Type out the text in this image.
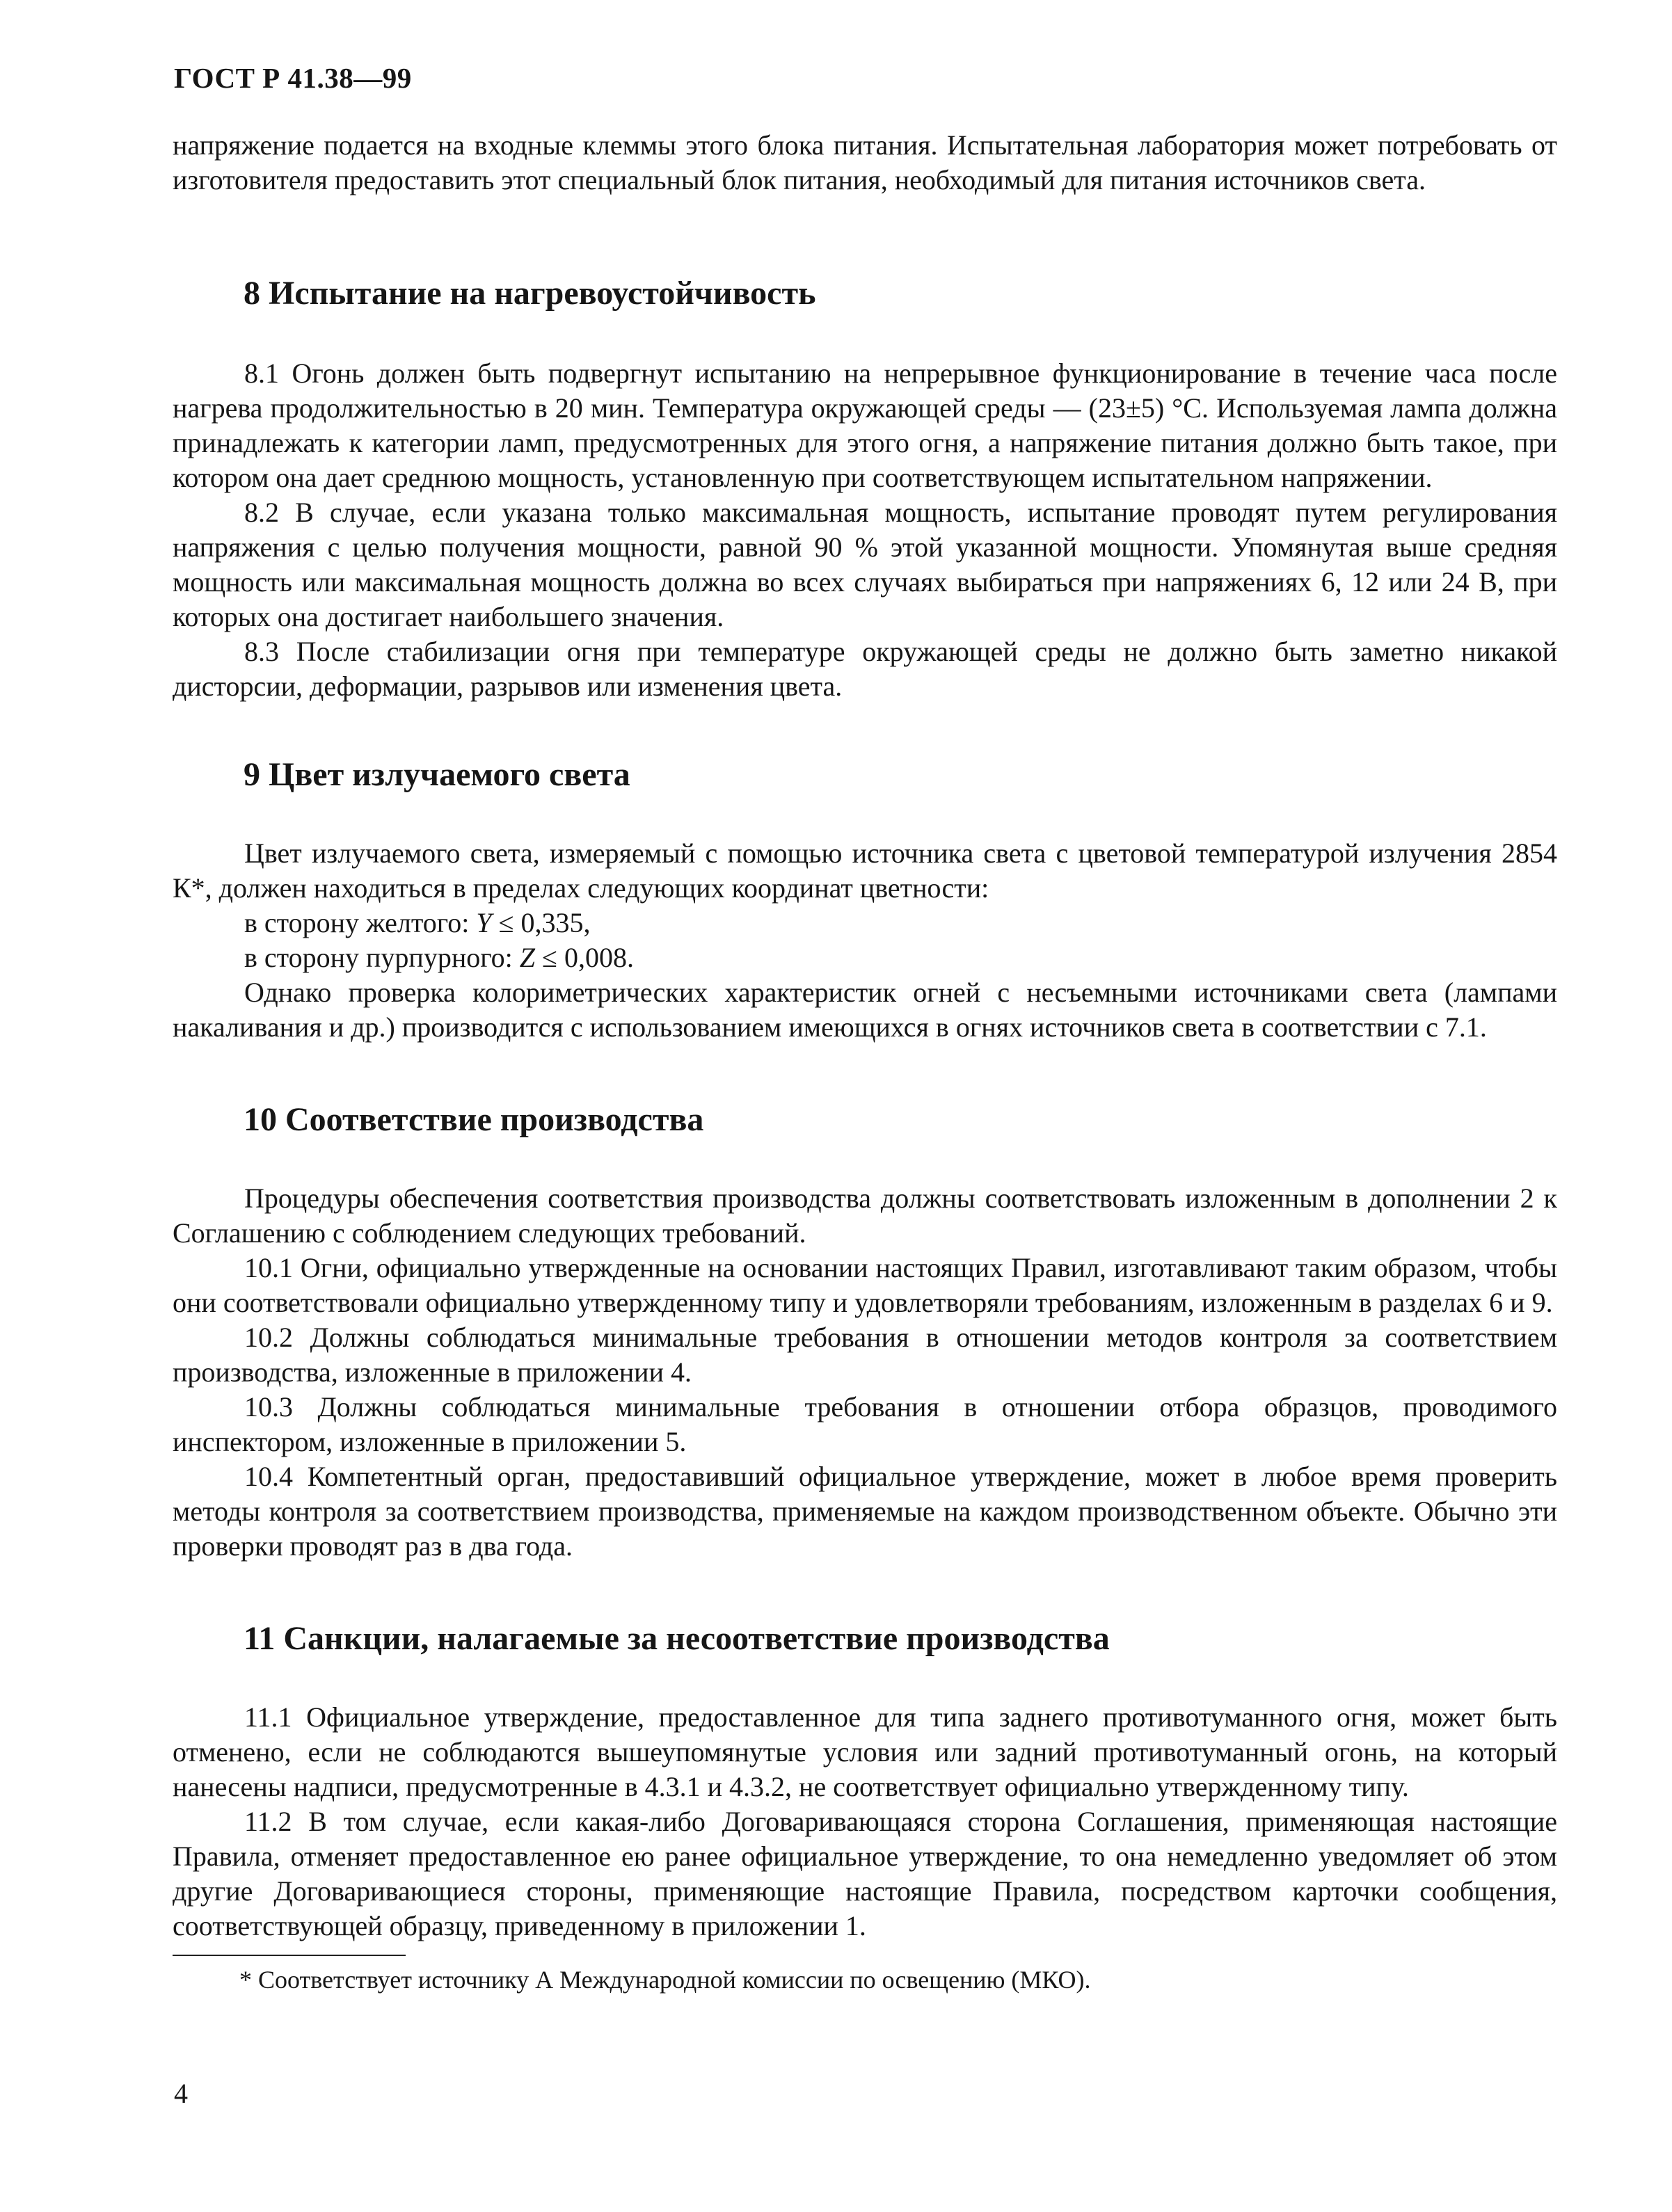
ГОСТ Р 41.38—99

напряжение подается на входные клеммы этого блока питания. Испытательная лаборатория может потребовать от изготовителя предоставить этот специальный блок питания, необходимый для питания источников света.

8 Испытание на нагревоустойчивость

8.1 Огонь должен быть подвергнут испытанию на непрерывное функционирование в течение часа после нагрева продолжительностью в 20 мин. Температура окружающей среды — (23±5) °С. Используемая лампа должна принадлежать к категории ламп, предусмотренных для этого огня, а напряжение питания должно быть такое, при котором она дает среднюю мощность, установленную при соответствующем испытательном напряжении.

8.2 В случае, если указана только максимальная мощность, испытание проводят путем регулирования напряжения с целью получения мощности, равной 90 % этой указанной мощности. Упомянутая выше средняя мощность или максимальная мощность должна во всех случаях выбираться при напряжениях 6, 12 или 24 В, при которых она достигает наибольшего значения.

8.3 После стабилизации огня при температуре окружающей среды не должно быть заметно никакой дисторсии, деформации, разрывов или изменения цвета.

9 Цвет излучаемого света

Цвет излучаемого света, измеряемый с помощью источника света с цветовой температурой излучения 2854 К*, должен находиться в пределах следующих координат цветности:

в сторону желтого: Y ≤ 0,335,

в сторону пурпурного: Z ≤ 0,008.

Однако проверка колориметрических характеристик огней с несъемными источниками света (лампами накаливания и др.) производится с использованием имеющихся в огнях источников света в соответствии с 7.1.

10 Соответствие производства

Процедуры обеспечения соответствия производства должны соответствовать изложенным в дополнении 2 к Соглашению с соблюдением следующих требований.

10.1 Огни, официально утвержденные на основании настоящих Правил, изготавливают таким образом, чтобы они соответствовали официально утвержденному типу и удовлетворяли требованиям, изложенным в разделах 6 и 9.

10.2 Должны соблюдаться минимальные требования в отношении методов контроля за соответствием производства, изложенные в приложении 4.

10.3 Должны соблюдаться минимальные требования в отношении отбора образцов, проводимого инспектором, изложенные в приложении 5.

10.4 Компетентный орган, предоставивший официальное утверждение, может в любое время проверить методы контроля за соответствием производства, применяемые на каждом производственном объекте. Обычно эти проверки проводят раз в два года.

11 Санкции, налагаемые за несоответствие производства

11.1 Официальное утверждение, предоставленное для типа заднего противотуманного огня, может быть отменено, если не соблюдаются вышеупомянутые условия или задний противотуманный огонь, на который нанесены надписи, предусмотренные в 4.3.1 и 4.3.2, не соответствует официально утвержденному типу.

11.2 В том случае, если какая-либо Договаривающаяся сторона Соглашения, применяющая настоящие Правила, отменяет предоставленное ею ранее официальное утверждение, то она немедленно уведомляет об этом другие Договаривающиеся стороны, применяющие настоящие Правила, посредством карточки сообщения, соответствующей образцу, приведенному в приложении 1.

* Соответствует источнику А Международной комиссии по освещению (МКО).

4
